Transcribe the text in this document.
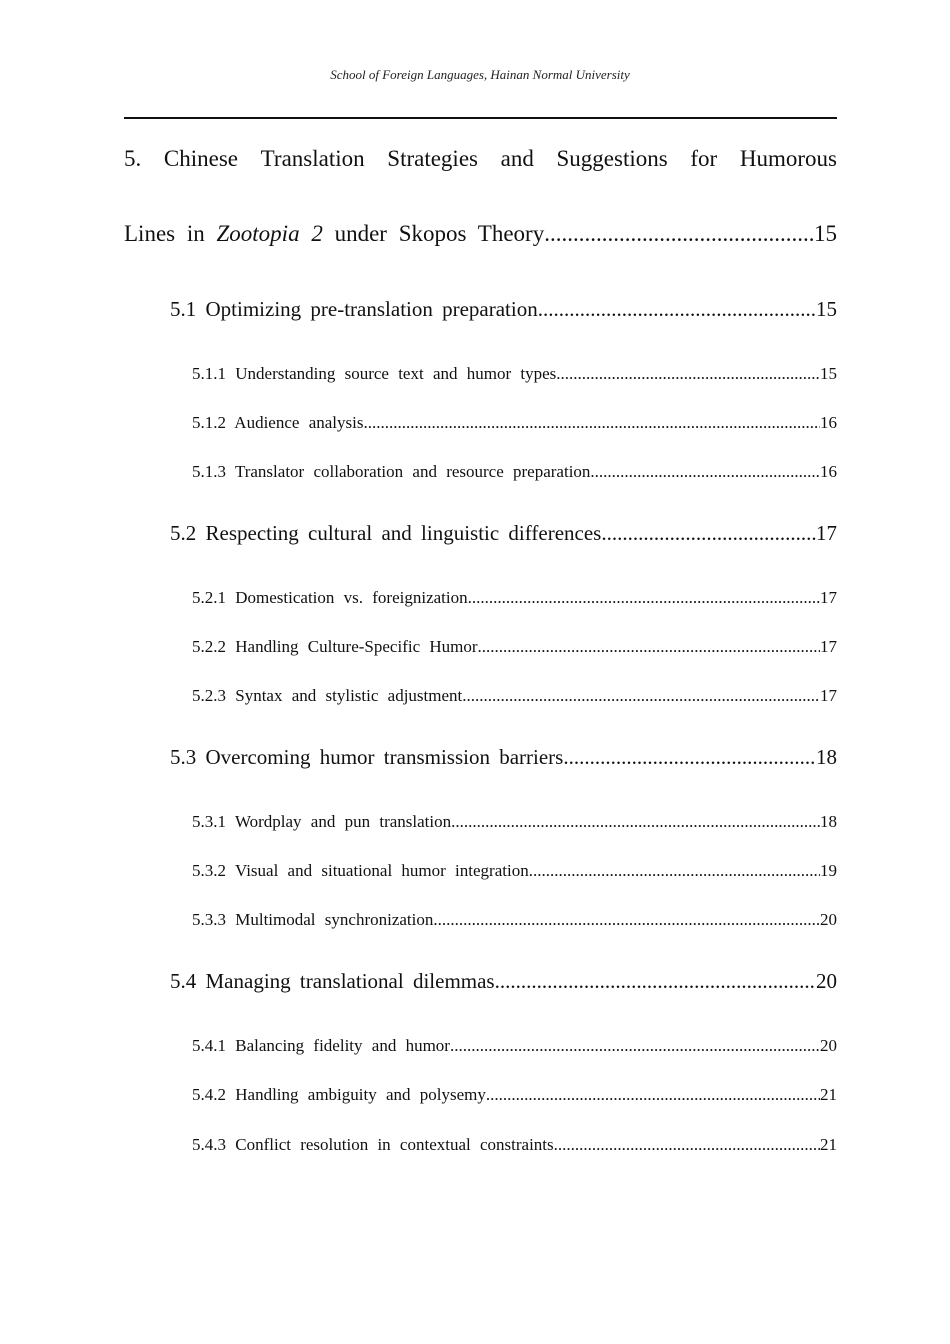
School of Foreign Languages, Hainan Normal University
5. Chinese Translation Strategies and Suggestions for Humorous
Lines in Zootopia 2 under Skopos Theory .....	15
5.1 Optimizing pre-translation preparation .....	15
5.1.1 Understanding source text and humor types .....	15
5.1.2 Audience analysis .....	16
5.1.3 Translator collaboration and resource preparation .....	16
5.2 Respecting cultural and linguistic differences .....	17
5.2.1 Domestication vs. foreignization .....	17
5.2.2 Handling Culture-Specific Humor .....	17
5.2.3 Syntax and stylistic adjustment .....	17
5.3 Overcoming humor transmission barriers .....	18
5.3.1 Wordplay and pun translation .....	18
5.3.2 Visual and situational humor integration .....	19
5.3.3 Multimodal synchronization .....	20
5.4 Managing translational dilemmas .....	20
5.4.1 Balancing fidelity and humor .....	20
5.4.2 Handling ambiguity and polysemy .....	21
5.4.3 Conflict resolution in contextual constraints .....	21
